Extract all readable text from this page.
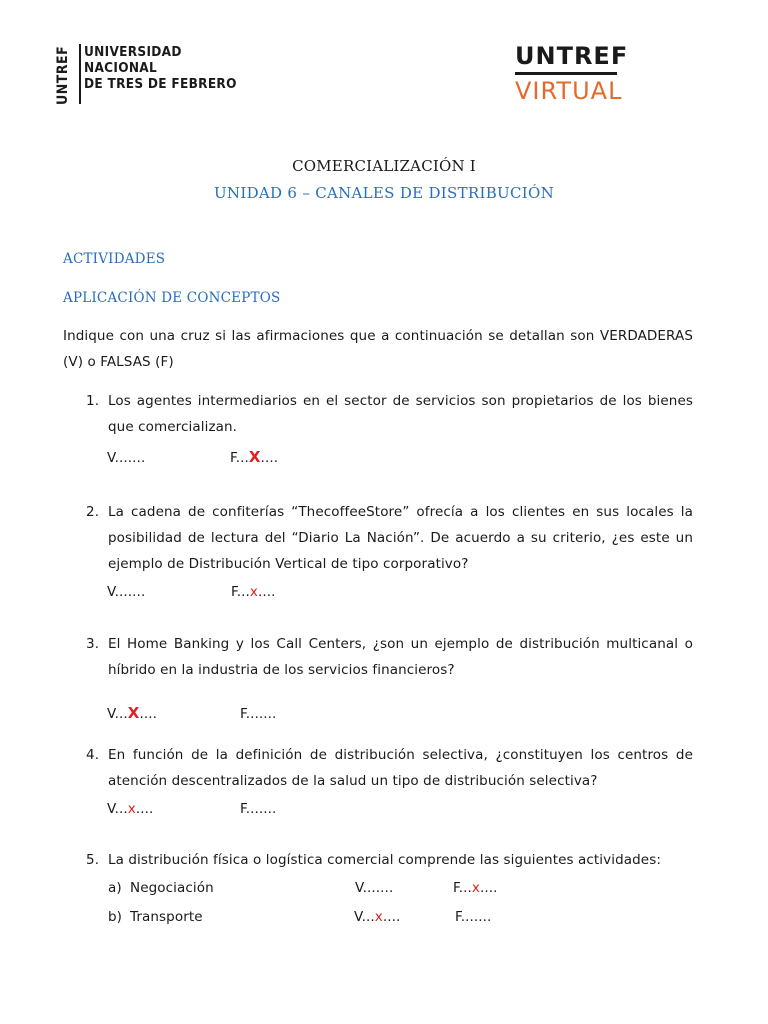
UNTREF UNIVERSIDAD
NACIONAL
DE TRES DE FEBRERO
UNTREF
VIRTUAL
COMERCIALIZACIÓN I
UNIDAD 6 – CANALES DE DISTRIBUCIÓN
ACTIVIDADES
APLICACIÓN DE CONCEPTOS
Indique con una cruz si las afirmaciones que a continuación se detallan son VERDADERAS
(V) o FALSAS (F)
1. Los agentes intermediarios en el sector de servicios son propietarios de los bienes
que comercializan.
V.......	F...X....
2. La cadena de confiterías “ThecoffeeStore” ofrecía a los clientes en sus locales la
posibilidad de lectura del “Diario La Nación”. De acuerdo a su criterio, ¿es este un
ejemplo de Distribución Vertical de tipo corporativo?
V.......	F...x....
3. El Home Banking y los Call Centers, ¿son un ejemplo de distribución multicanal o
híbrido en la industria de los servicios financieros?
V...X....	F.......
4. En función de la definición de distribución selectiva, ¿constituyen los centros de
atención descentralizados de la salud un tipo de distribución selectiva?
V...x....	F.......
5. La distribución física o logística comercial comprende las siguientes actividades:
a) Negociación	V.......	F...x....
b) Transporte	V...x....	F.......
